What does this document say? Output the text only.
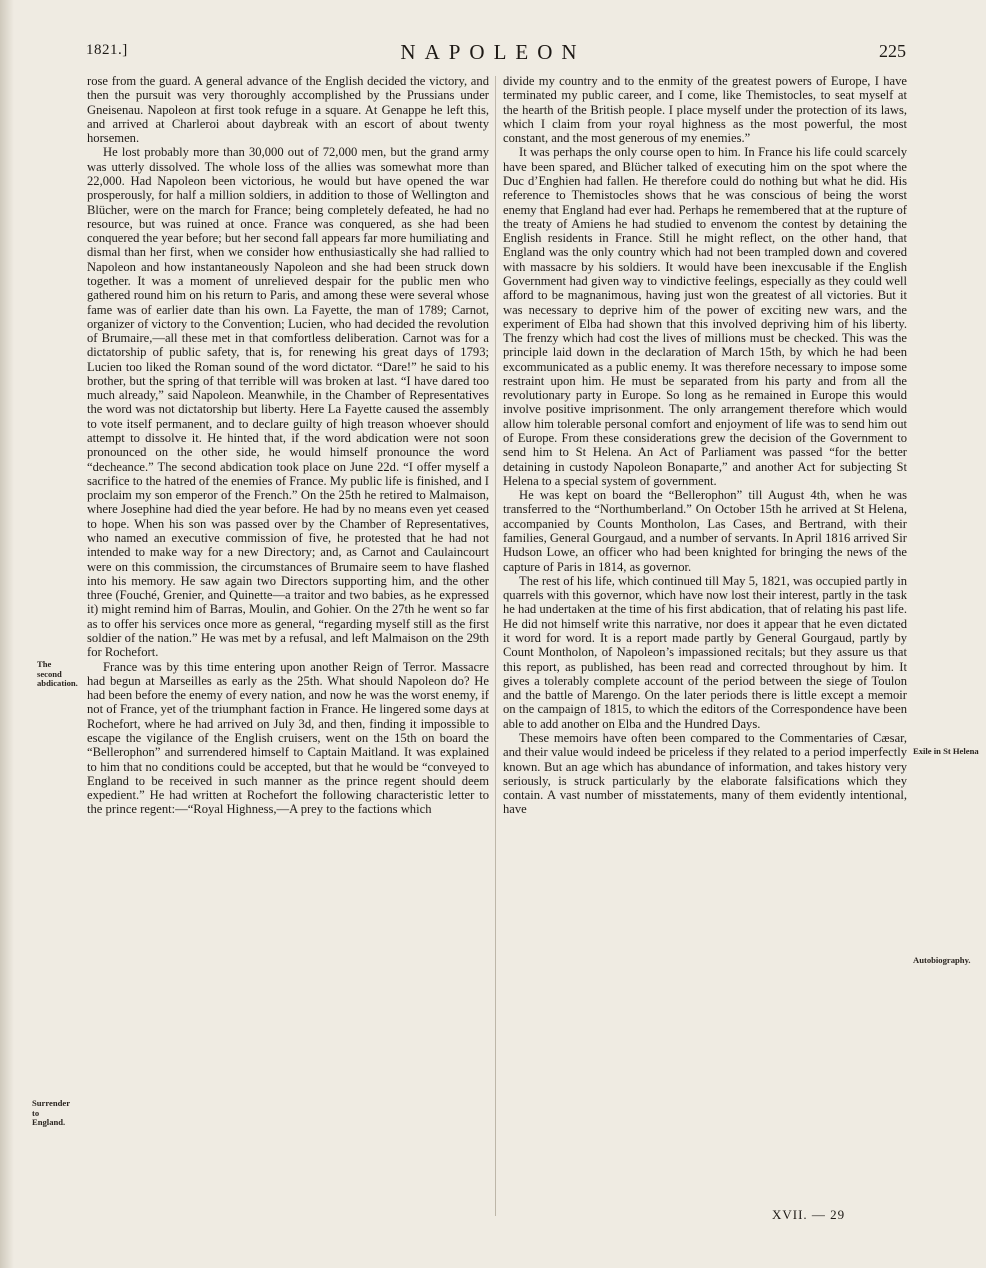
1821.]	NAPOLEON	225

rose from the guard. A general advance of the English decided the victory, and then the pursuit was very thoroughly accomplished by the Prussians under Gneisenau. Napoleon at first took refuge in a square. At Genappe he left this, and arrived at Charleroi about daybreak with an escort of about twenty horsemen.

He lost probably more than 30,000 out of 72,000 men, but the grand army was utterly dissolved. The whole loss of the allies was somewhat more than 22,000. Had Napoleon been victorious, he would but have opened the war prosperously, for half a million soldiers, in addition to those of Wellington and Blücher, were on the march for France; being completely defeated, he had no resource, but was ruined at once. France was conquered, as she had been conquered the year before; but her second fall appears far more humiliating and dismal than her first, when we consider how enthusiastically she had rallied to Napoleon and how instantaneously Napoleon and she had been struck down together. It was a moment of unrelieved despair for the public men who gathered round him on his return to Paris, and among these were several whose fame was of earlier date than his own. La Fayette, the man of 1789; Carnot, organizer of victory to the Convention; Lucien, who had decided the revolution of Brumaire,—all these met in that comfortless deliberation. Carnot was for a dictatorship of public safety, that is, for renewing his great days of 1793; Lucien too liked the Roman sound of the word dictator. “Dare!” he said to his brother, but the spring of that terrible will was broken at last. “I have dared too much already,” said Napoleon. Meanwhile, in the Chamber of Representatives the word was not dictatorship but liberty. Here La Fayette caused the assembly to vote itself permanent, and to declare guilty of high treason whoever should attempt to dissolve it. He hinted that, if the word abdication were not soon pronounced on the other side, he would himself pronounce the word “decheance.” The second abdication took place on June 22d. “I offer myself a sacrifice to the hatred of the enemies of France. My public life is finished, and I proclaim my son emperor of the French.” On the 25th he retired to Malmaison, where Josephine had died the year before. He had by no means even yet ceased to hope. When his son was passed over by the Chamber of Representatives, who named an executive commission of five, he protested that he had not intended to make way for a new Directory; and, as Carnot and Caulaincourt were on this commission, the circumstances of Brumaire seem to have flashed into his memory. He saw again two Directors supporting him, and the other three (Fouché, Grenier, and Quinette—a traitor and two babies, as he expressed it) might remind him of Barras, Moulin, and Gohier. On the 27th he went so far as to offer his services once more as general, “regarding myself still as the first soldier of the nation.” He was met by a refusal, and left Malmaison on the 29th for Rochefort.

France was by this time entering upon another Reign of Terror. Massacre had begun at Marseilles as early as the 25th. What should Napoleon do? He had been before the enemy of every nation, and now he was the worst enemy, if not of France, yet of the triumphant faction in France. He lingered some days at Rochefort, where he had arrived on July 3d, and then, finding it impossible to escape the vigilance of the English cruisers, went on the 15th on board the “Bellerophon” and surrendered himself to Captain Maitland. It was explained to him that no conditions could be accepted, but that he would be “conveyed to England to be received in such manner as the prince regent should deem expedient.” He had written at Rochefort the following characteristic letter to the prince regent:—“Royal Highness,—A prey to the factions which

divide my country and to the enmity of the greatest powers of Europe, I have terminated my public career, and I come, like Themistocles, to seat myself at the hearth of the British people. I place myself under the protection of its laws, which I claim from your royal highness as the most powerful, the most constant, and the most generous of my enemies.”

It was perhaps the only course open to him. In France his life could scarcely have been spared, and Blücher talked of executing him on the spot where the Duc d’Enghien had fallen. He therefore could do nothing but what he did. His reference to Themistocles shows that he was conscious of being the worst enemy that England had ever had. Perhaps he remembered that at the rupture of the treaty of Amiens he had studied to envenom the contest by detaining the English residents in France. Still he might reflect, on the other hand, that England was the only country which had not been trampled down and covered with massacre by his soldiers. It would have been inexcusable if the English Government had given way to vindictive feelings, especially as they could well afford to be magnanimous, having just won the greatest of all victories. But it was necessary to deprive him of the power of exciting new wars, and the experiment of Elba had shown that this involved depriving him of his liberty. The frenzy which had cost the lives of millions must be checked. This was the principle laid down in the declaration of March 15th, by which he had been excommunicated as a public enemy. It was therefore necessary to impose some restraint upon him. He must be separated from his party and from all the revolutionary party in Europe. So long as he remained in Europe this would involve positive imprisonment. The only arrangement therefore which would allow him tolerable personal comfort and enjoyment of life was to send him out of Europe. From these considerations grew the decision of the Government to send him to St Helena. An Act of Parliament was passed “for the better detaining in custody Napoleon Bonaparte,” and another Act for subjecting St Helena to a special system of government.

He was kept on board the “Bellerophon” till August 4th, when he was transferred to the “Northumberland.” On October 15th he arrived at St Helena, accompanied by Counts Montholon, Las Cases, and Bertrand, with their families, General Gourgaud, and a number of servants. In April 1816 arrived Sir Hudson Lowe, an officer who had been knighted for bringing the news of the capture of Paris in 1814, as governor.

The rest of his life, which continued till May 5, 1821, was occupied partly in quarrels with this governor, which have now lost their interest, partly in the task he had undertaken at the time of his first abdication, that of relating his past life. He did not himself write this narrative, nor does it appear that he even dictated it word for word. It is a report made partly by General Gourgaud, partly by Count Montholon, of Napoleon’s impassioned recitals; but they assure us that this report, as published, has been read and corrected throughout by him. It gives a tolerably complete account of the period between the siege of Toulon and the battle of Marengo. On the later periods there is little except a memoir on the campaign of 1815, to which the editors of the Correspondence have been able to add another on Elba and the Hundred Days.

These memoirs have often been compared to the Commentaries of Cæsar, and their value would indeed be priceless if they related to a period imperfectly known. But an age which has abundance of information, and takes history very seriously, is struck particularly by the elaborate falsifications which they contain. A vast number of misstatements, many of them evidently intentional, have

The second abdication.
Surrender to England.
Exile in St Helena
Autobiography.
XVII. — 29
